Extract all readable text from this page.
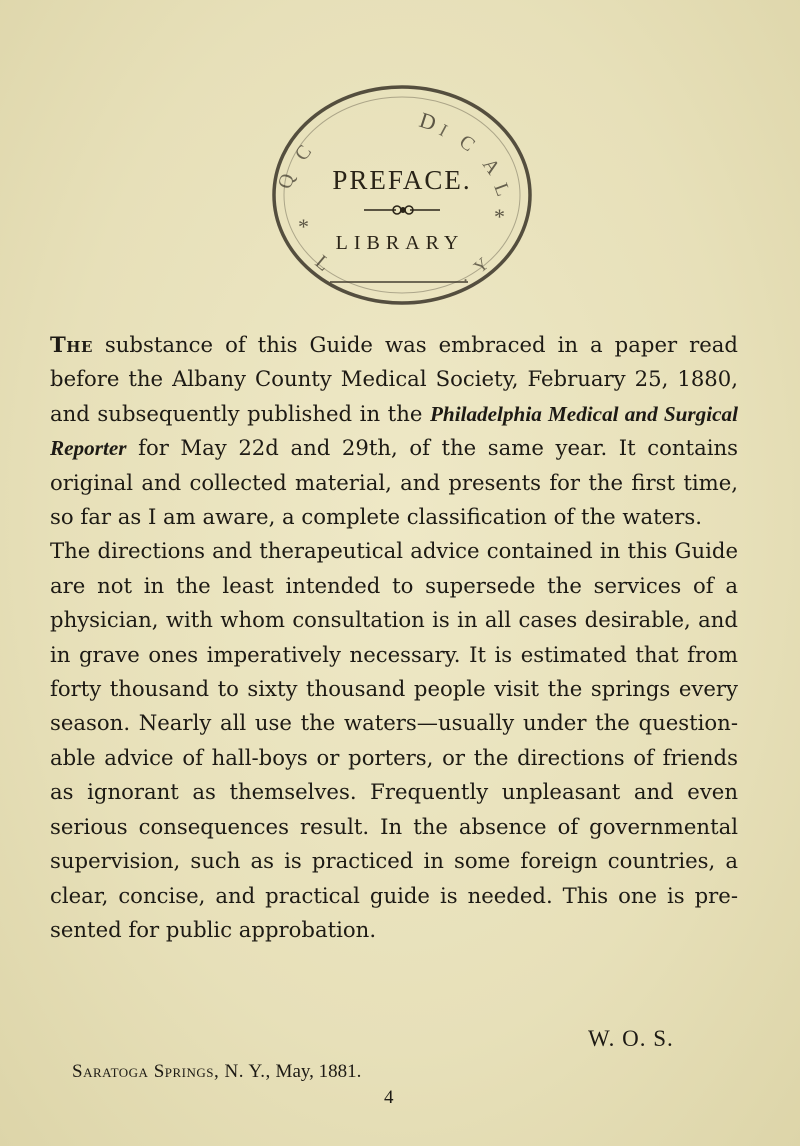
D
I
C
A
L
C
Q
*	*
Y
.
L
PREFACE.
LIBRARY

The substance of this Guide was embraced in a paper read before the Albany County Medical Society, February 25, 1880, and subsequently published in the Philadelphia Medical and Surgical Reporter for May 22d and 29th, of the same year. It contains original and collected material, and presents for the first time, so far as I am aware, a complete classification of the waters.

The directions and therapeutical advice contained in this Guide are not in the least intended to supersede the services of a physician, with whom consultation is in all cases desirable, and in grave ones imperatively necessary. It is estimated that from forty thousand to sixty thousand people visit the springs every season. Nearly all use the waters—usually under the questionable advice of hall-boys or porters, or the directions of friends as ignorant as themselves. Frequently unpleasant and even serious consequences result. In the absence of governmental supervision, such as is practiced in some foreign countries, a clear, concise, and practical guide is needed. This one is presented for public approbation.

W. O. S.
Saratoga Springs, N. Y., May, 1881.
4
